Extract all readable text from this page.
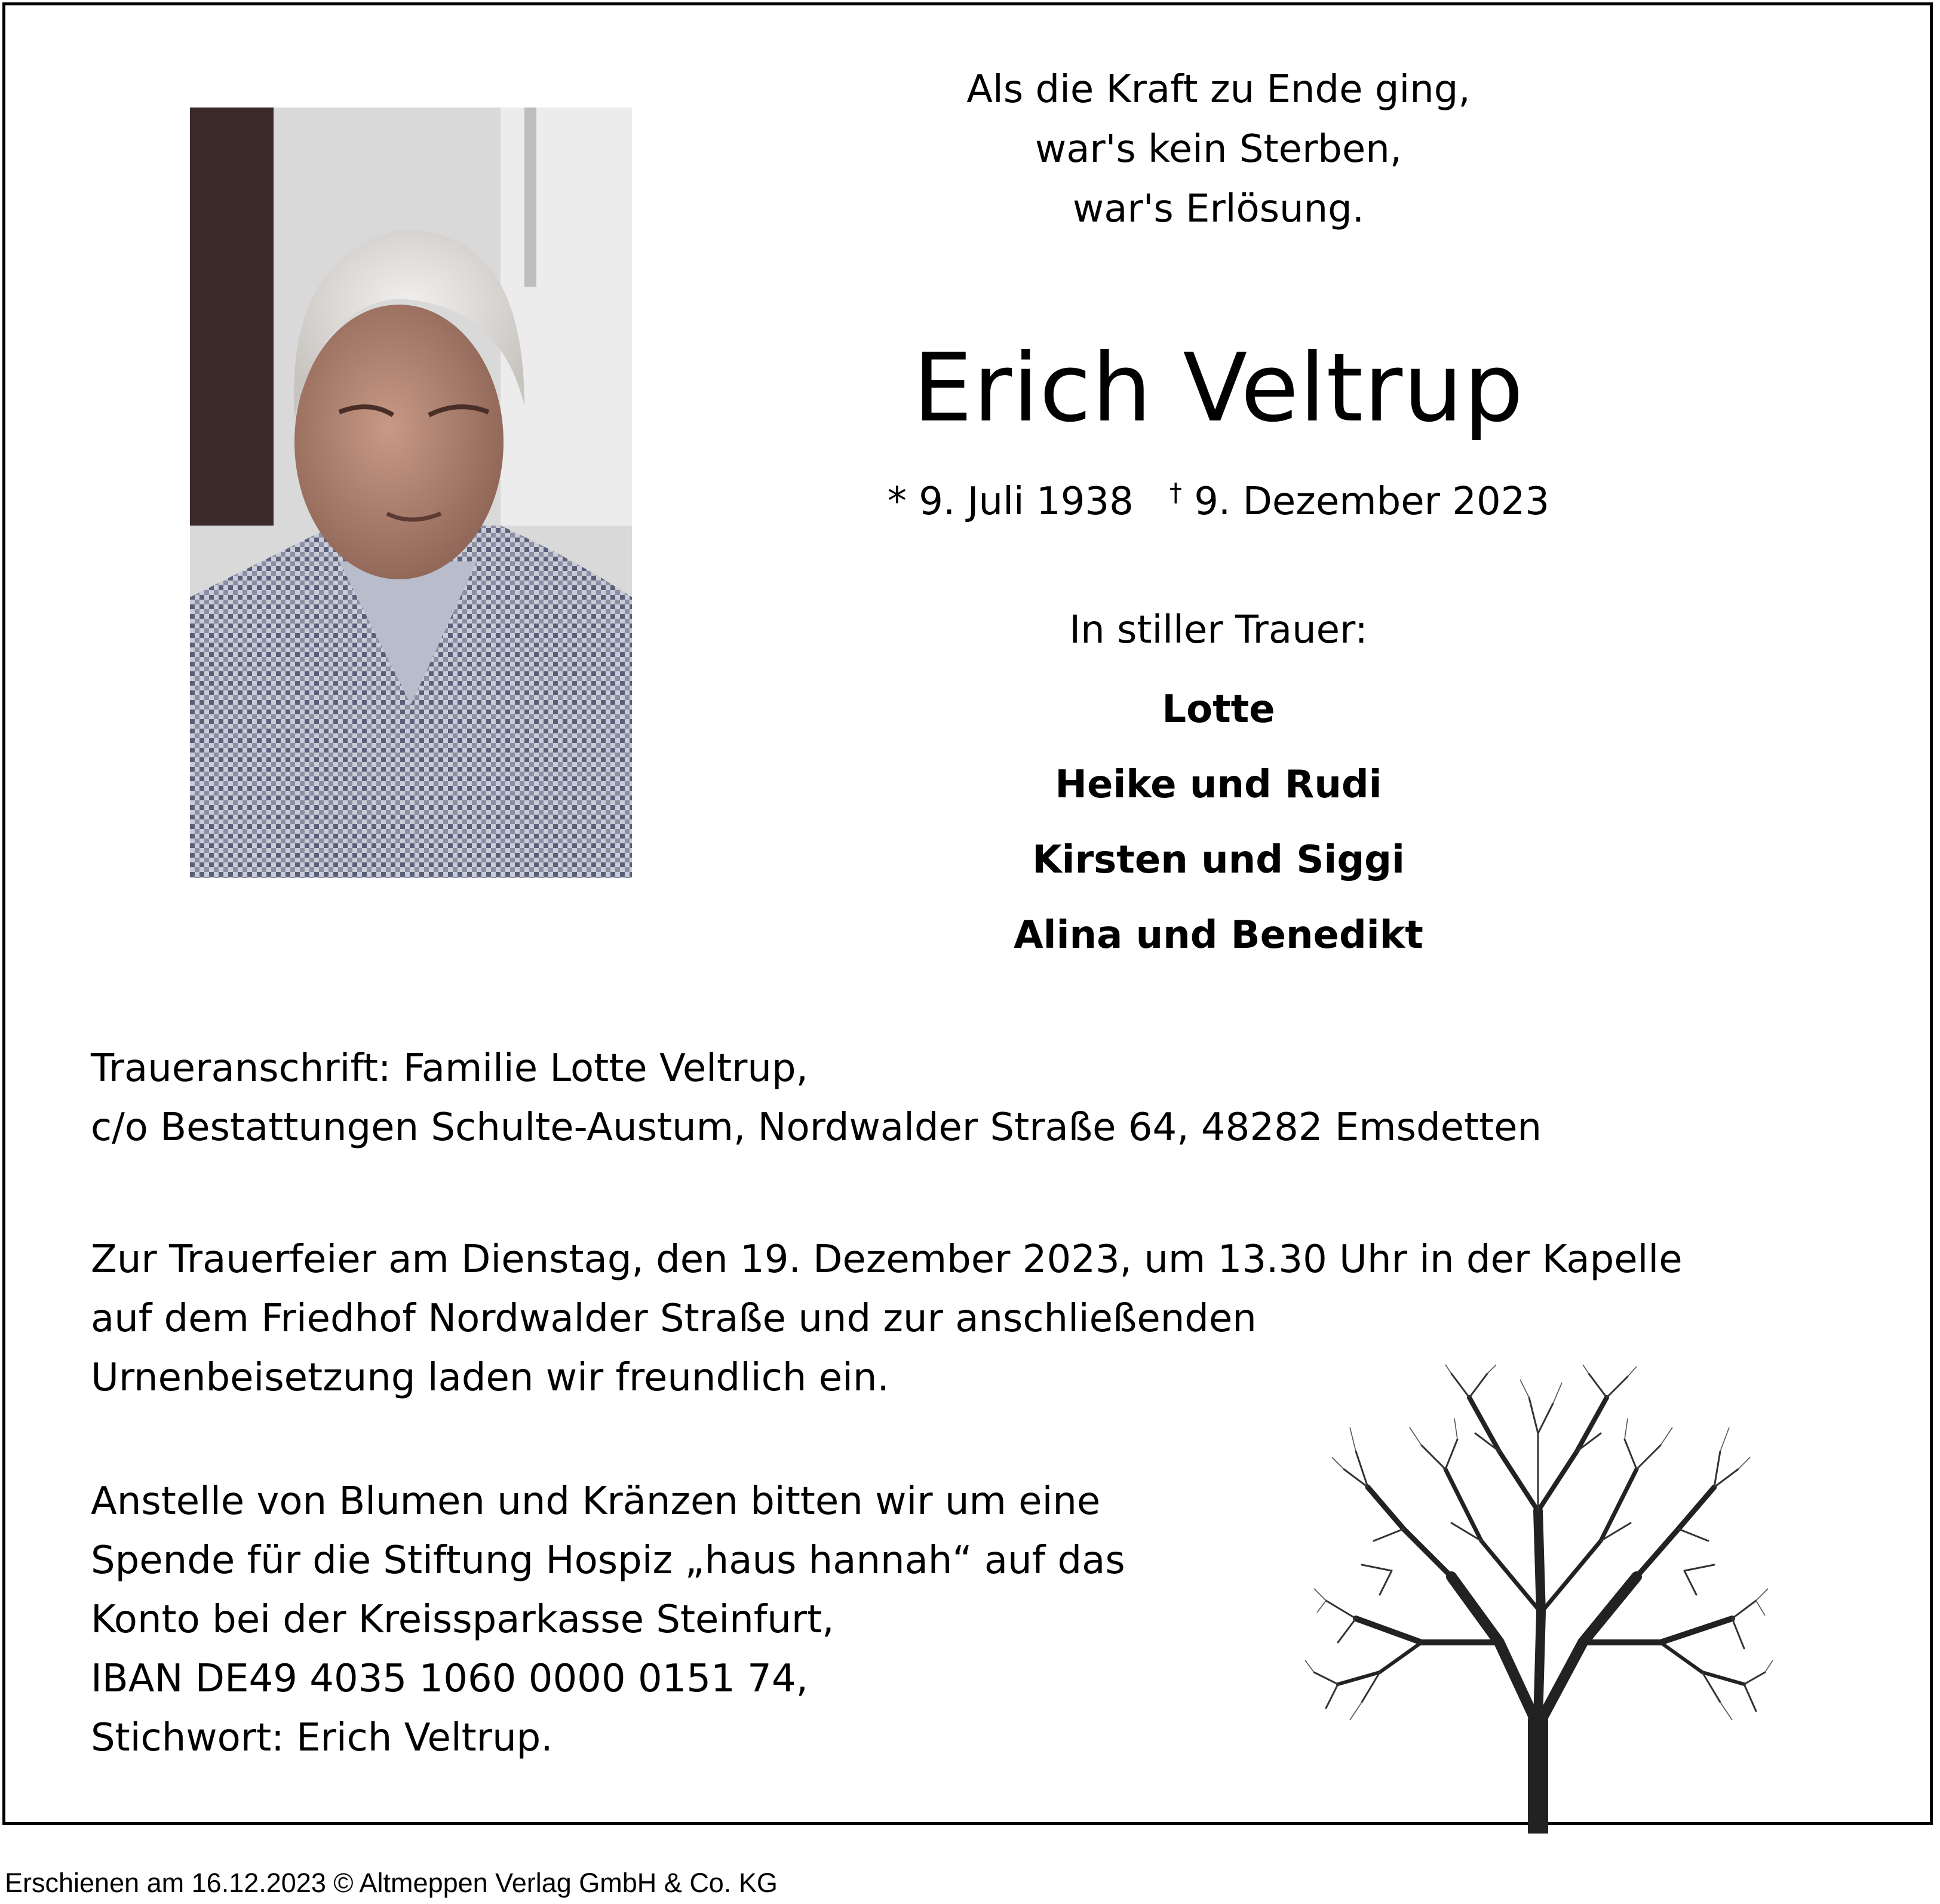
Als die Kraft zu Ende ging,
war's kein Sterben,
war's Erlösung.
Erich Veltrup
* 9. Juli 1938 † 9. Dezember 2023
In stiller Trauer:
Lotte
Heike und Rudi
Kirsten und Siggi
Alina und Benedikt
Traueranschrift: Familie Lotte Veltrup,
c/o Bestattungen Schulte-Austum, Nordwalder Straße 64, 48282 Emsdetten
Zur Trauerfeier am Dienstag, den 19. Dezember 2023, um 13.30 Uhr in der Kapelle
auf dem Friedhof Nordwalder Straße und zur anschließenden
Urnenbeisetzung laden wir freundlich ein.
Anstelle von Blumen und Kränzen bitten wir um eine
Spende für die Stiftung Hospiz „haus hannah“ auf das
Konto bei der Kreissparkasse Steinfurt,
IBAN DE49 4035 1060 0000 0151 74,
Stichwort: Erich Veltrup.
Erschienen am 16.12.2023 © Altmeppen Verlag GmbH & Co. KG
